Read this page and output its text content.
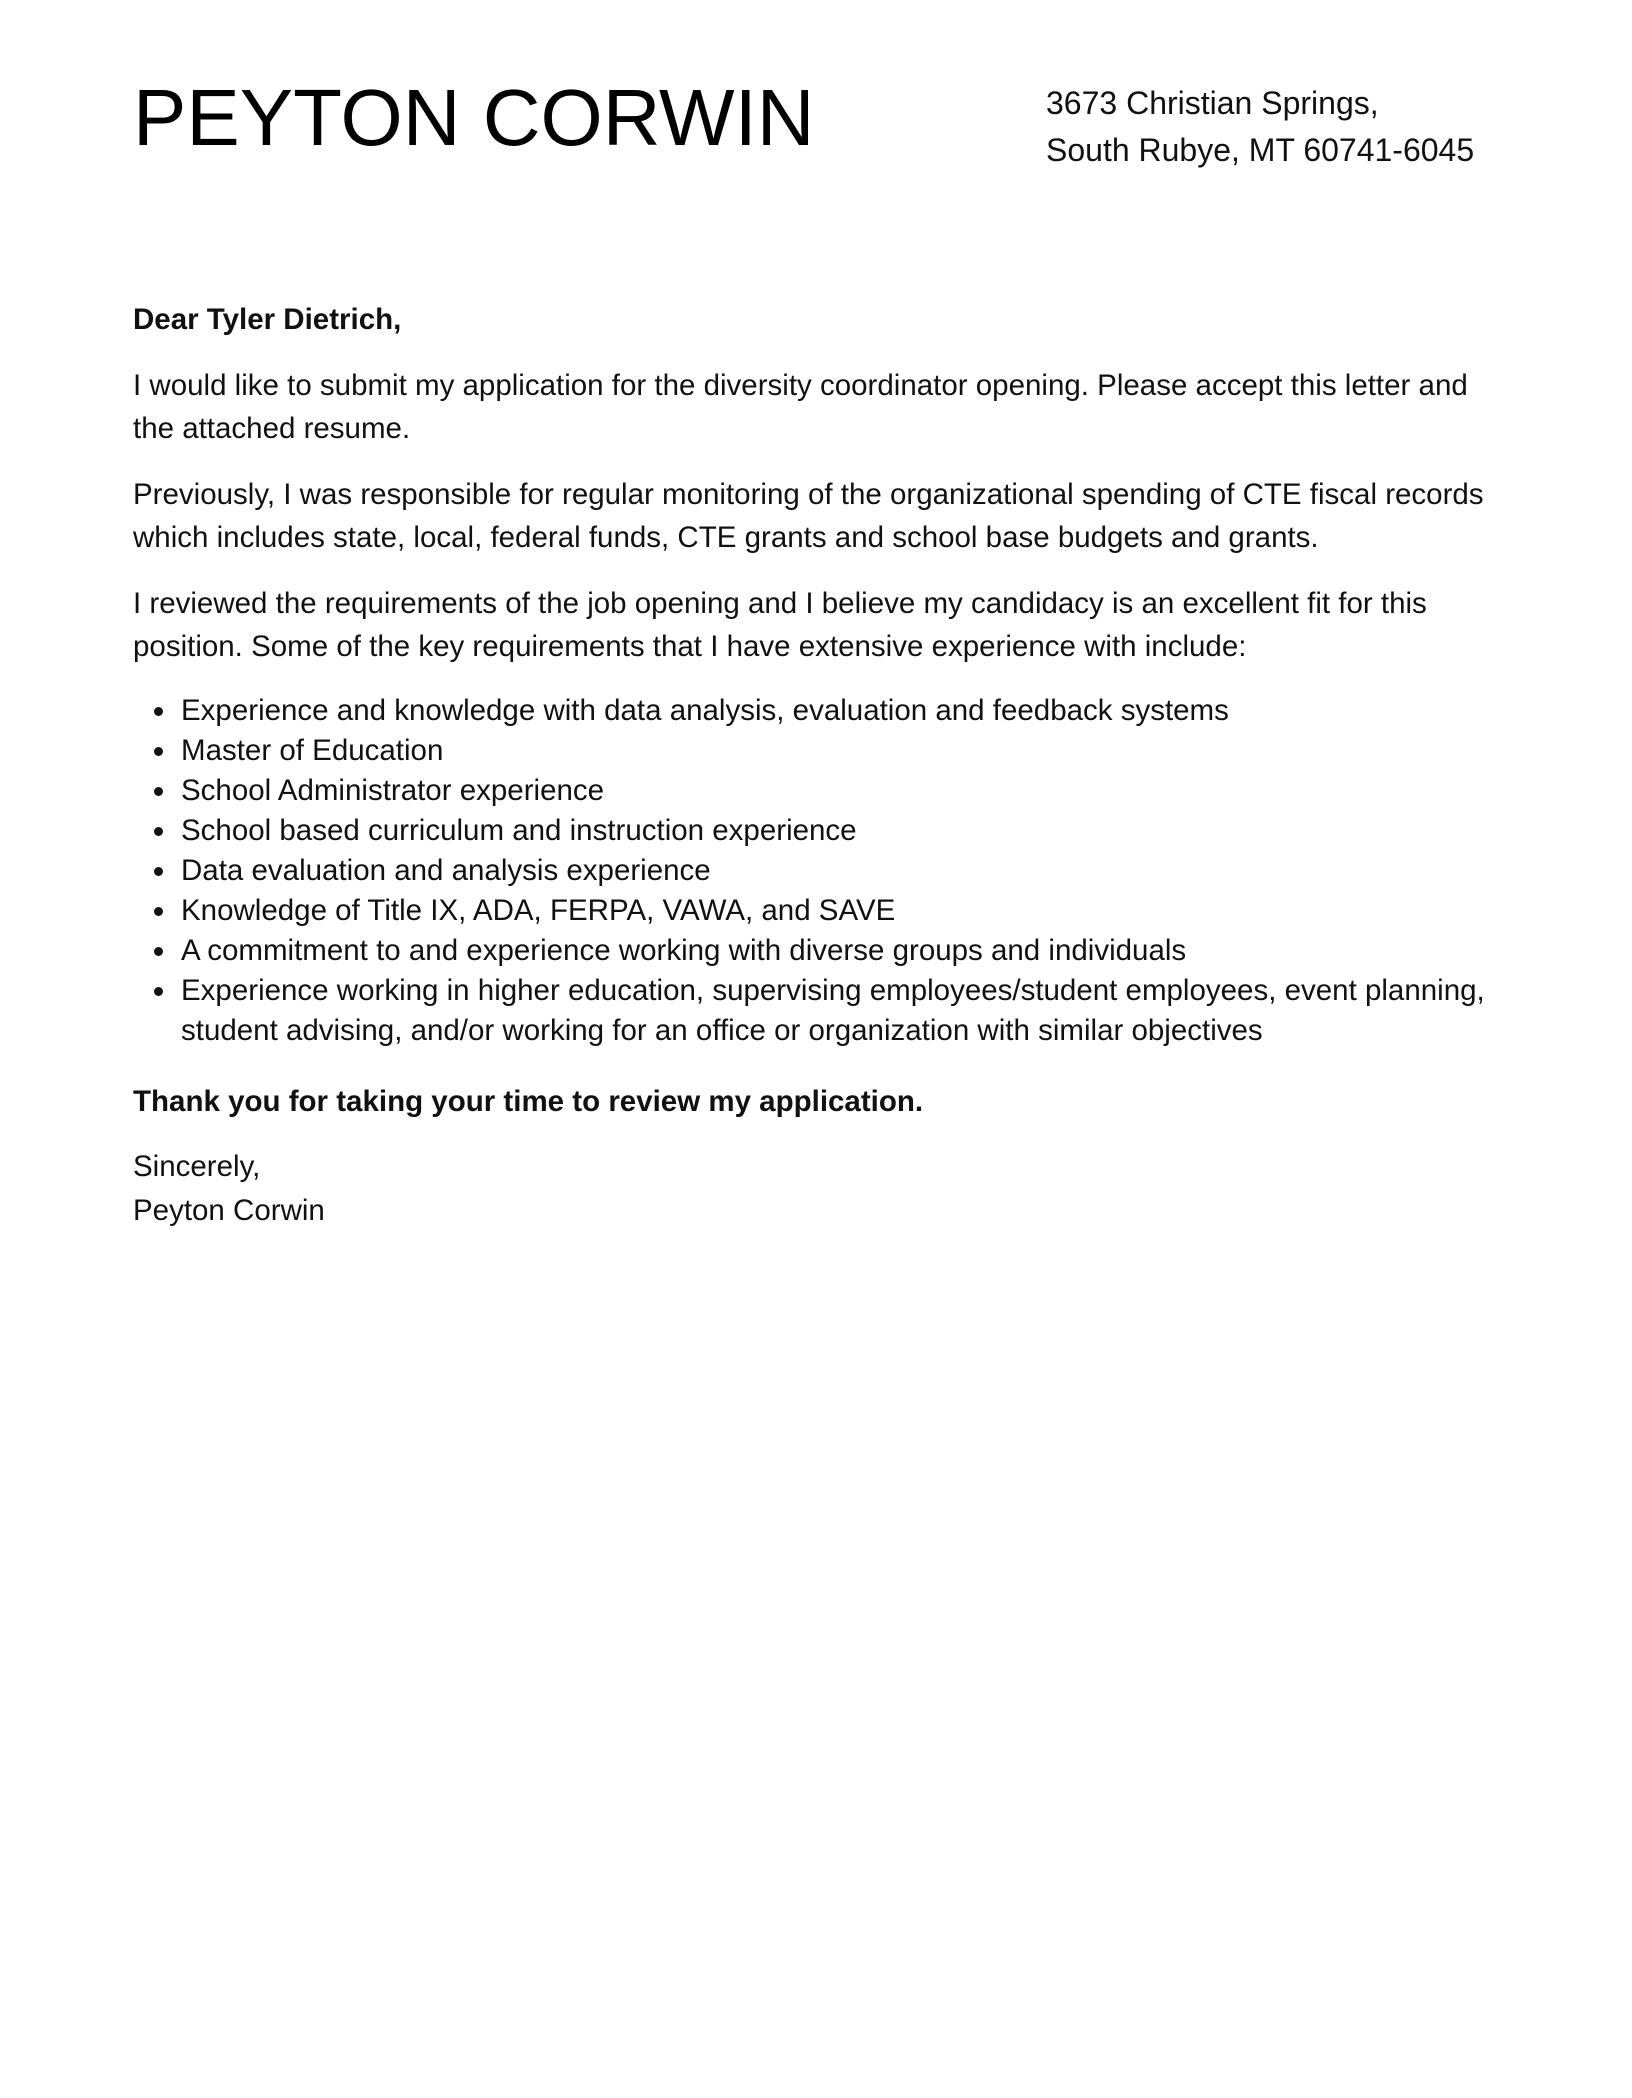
PEYTON CORWIN	3673 Christian Springs,
South Rubye, MT 60741-6045

Dear Tyler Dietrich,

I would like to submit my application for the diversity coordinator opening. Please accept this letter and the attached resume.

Previously, I was responsible for regular monitoring of the organizational spending of CTE fiscal records which includes state, local, federal funds, CTE grants and school base budgets and grants.

I reviewed the requirements of the job opening and I believe my candidacy is an excellent fit for this position. Some of the key requirements that I have extensive experience with include:

Experience and knowledge with data analysis, evaluation and feedback systems
Master of Education
School Administrator experience
School based curriculum and instruction experience
Data evaluation and analysis experience
Knowledge of Title IX, ADA, FERPA, VAWA, and SAVE
A commitment to and experience working with diverse groups and individuals
Experience working in higher education, supervising employees/student employees, event planning, student advising, and/or working for an office or organization with similar objectives

Thank you for taking your time to review my application.

Sincerely,
Peyton Corwin
